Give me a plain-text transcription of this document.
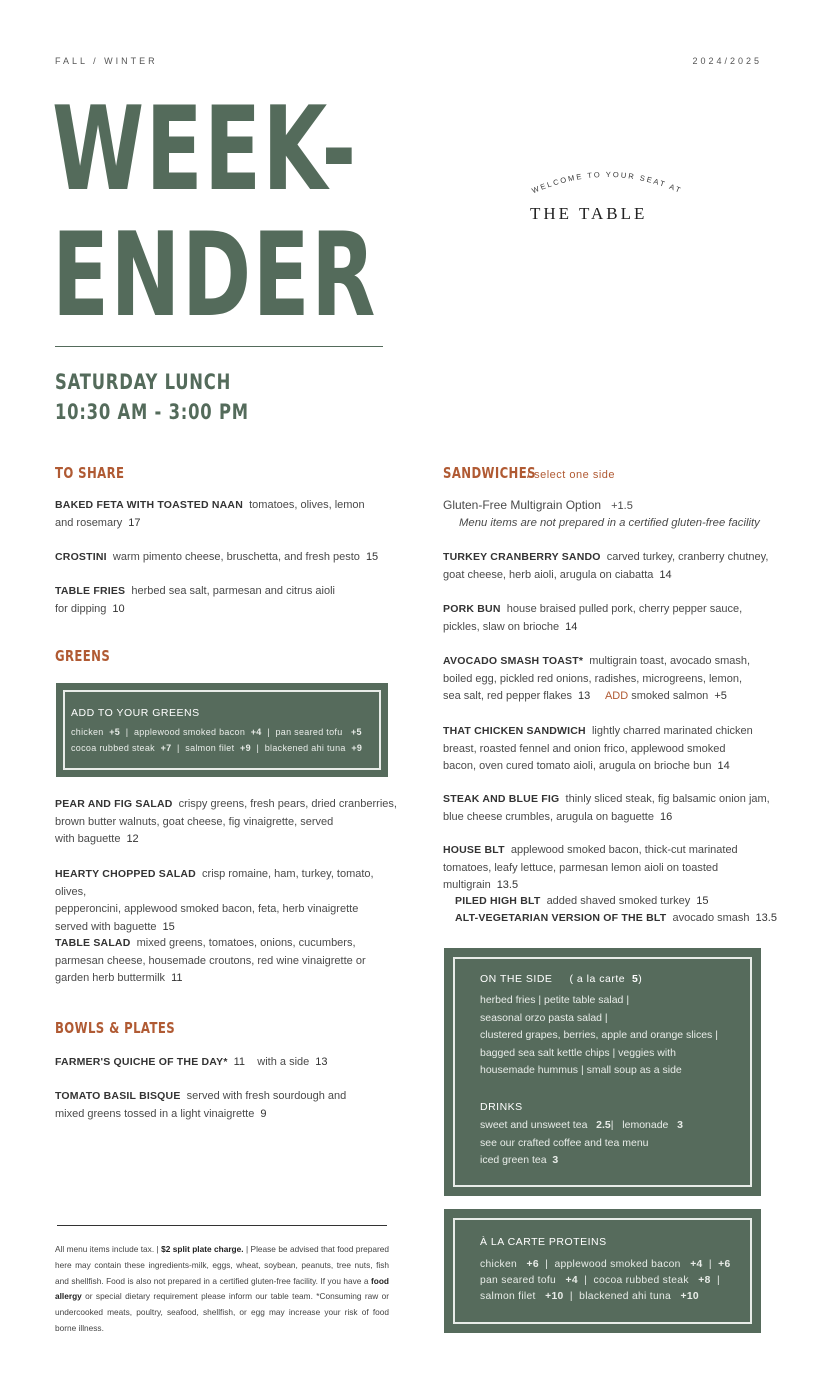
FALL / WINTER	2024/2025
WEEK-
ENDER
WELCOME TO YOUR SEAT AT
THE TABLE
SATURDAY LUNCH
10:30 AM - 3:00 PM
TO SHARE
BAKED FETA WITH TOASTED NAAN tomatoes, olives, lemon
and rosemary 17
CROSTINI warm pimento cheese, bruschetta, and fresh pesto 15
TABLE FRIES herbed sea salt, parmesan and citrus aioli
for dipping 10
GREENS
ADD TO YOUR GREENS
chicken +5  |  applewood smoked bacon +4  |  pan seared tofu +5
cocoa rubbed steak +7  |  salmon filet +9  |  blackened ahi tuna +9
PEAR AND FIG SALAD crispy greens, fresh pears, dried cranberries,
brown butter walnuts, goat cheese, fig vinaigrette, served
with baguette 12
HEARTY CHOPPED SALAD crisp romaine, ham, turkey, tomato, olives,
pepperoncini, applewood smoked bacon, feta, herb vinaigrette
served with baguette 15
TABLE SALAD mixed greens, tomatoes, onions, cucumbers,
parmesan cheese, housemade croutons, red wine vinaigrette or
garden herb buttermilk 11
BOWLS & PLATES
FARMER'S QUICHE OF THE DAY* 11 with a side 13
TOMATO BASIL BISQUE served with fresh sourdough and
mixed greens tossed in a light vinaigrette 9
All menu items include tax. | $2 split plate charge. | Please be advised that food prepared here may contain these ingredients-milk, eggs, wheat, soybean, peanuts, tree nuts, fish and shellfish. Food is also not prepared in a certified gluten-free facility. If you have a food allergy or special dietary requirement please inform our table team. *Consuming raw or undercooked meats, poultry, seafood, shellfish, or egg may increase your risk of food borne illness.
SANDWICHES
/ select one side
Gluten-Free Multigrain Option +1.5
Menu items are not prepared in a certified gluten-free facility
TURKEY CRANBERRY SANDO carved turkey, cranberry chutney,
goat cheese, herb aioli, arugula on ciabatta 14
PORK BUN house braised pulled pork, cherry pepper sauce,
pickles, slaw on brioche 14
AVOCADO SMASH TOAST* multigrain toast, avocado smash,
boiled egg, pickled red onions, radishes, microgreens, lemon,
sea salt, red pepper flakes 13 ADD smoked salmon +5
THAT CHICKEN SANDWICH lightly charred marinated chicken
breast, roasted fennel and onion frico, applewood smoked
bacon, oven cured tomato aioli, arugula on brioche bun 14
STEAK AND BLUE FIG thinly sliced steak, fig balsamic onion jam,
blue cheese crumbles, arugula on baguette 16
HOUSE BLT applewood smoked bacon, thick-cut marinated
tomatoes, leafy lettuce, parmesan lemon aioli on toasted
multigrain 13.5
PILED HIGH BLT added shaved smoked turkey 15
ALT-VEGETARIAN VERSION OF THE BLT avocado smash 13.5
ON THE SIDE ( a la carte 5)
herbed fries | petite table salad |
seasonal orzo pasta salad |
clustered grapes, berries, apple and orange slices |
bagged sea salt kettle chips | veggies with
housemade hummus | small soup as a side
DRINKS
sweet and unsweet tea 2.5| lemonade 3
see our crafted coffee and tea menu
iced green tea 3
À LA CARTE PROTEINS
chicken +6  |  applewood smoked bacon +4  |  +6
pan seared tofu +4  |  cocoa rubbed steak +8  |
salmon filet +10  |  blackened ahi tuna +10
